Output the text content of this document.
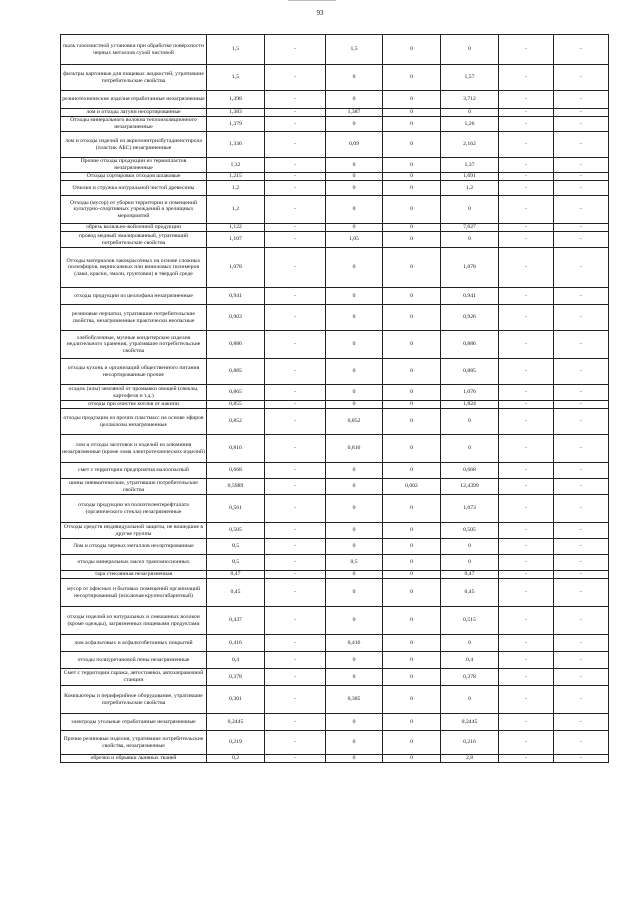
93
пыль газоочистной установки при обработке поверхности черных металлов сухой чистовой	1,5	-	1,5	0	0	-	-
фильтры картонные для пищевых жидкостей, утратившие потребительские свойства	1,5	-	0	0	1,57	-	-
резинотехнические изделия отработанные незагрязненные	1,398	-	0	0	3,712	-	-
лом и отходы латуни несортированные	1,383	-	1,387	0	0	-	-
Отходы минерального волокна теплоизоляционного незагрязненные	1,379	-	0	0	1,26	-	-
лом и отходы изделий из акрилонитрилбутадиенстирола (пластик АБС) незагрязненные	1,336	-	0,09	0	2,162	-	-
Прочие отходы продукции из термопластов незагрязненные	1,32	-	0	0	1,37	-	-
Отходы сортировки отходов шлаковые	1,215	-	0	0	1,691	-	-
Опилки и стружка натуральной чистой древесины	1,2	-	0	0	1,2	-	-
Отходы (мусор) от уборки территории и помещений культурно-спортивных учреждений и зрелищных мероприятий	1,2	-	0	0	0	-	-
обрезь валяльно-войлочной продукции	1,122	-	0	0	7,627	-	-
провод медный эмалированный, утративший потребительские свойства	1,107	-	1,05	0	0	-	-
Отходы материалов лакокрасочных на основе сложных полиэфиров, вернисажных или виниловых полимеров (лаки, краски, эмали, грунтовки) в твердой среде	1,078	-	0	0	1,078	-	-
отходы продукции из целлофана незагрязненные	0,941	-	0	0	0,941	-	-
резиновые перчатки, утратившие потребительские свойства, незагрязненные практически неопасные	0,903	-	0	0	0,926	-	-
хлебобулочные, мучные кондитерские изделия недлительного хранения, утратившие потребительские свойства	0,886	-	0	0	0,886	-	-
отходы кухонь и организаций общественного питания несортированные прочие	0,885	-	0	0	0,885	-	-
осадок (илы) земляной от промывки овощей (свеклы, картофеля и т.д.)	0,865	-	0	0	1,076	-	-
отходы при очистке котлов от накипи	0,855	-	0	0	1,824	-	-
отходы продукции из прочих пластмасс на основе эфиров целлюлозы незагрязненные	0,852	-	0,852	0	0	-	-
лом и отходы заготовок и изделий из алюминия незагрязненные (кроме лома электротехнических изделий)	0,816	-	0,816	0	0	-	-
смет с территории предприятия малоопасный	0,668	-	0	0	0,668	-	-
шины пневматические, утратившие потребительские свойства	0,5989	-	0	0,002	12,4399	-	-
отходы продукции из полиэтилентерефталата (органического стекла) незагрязненные	0,561	-	0	0	1,073	-	-
Отходы средств индивидуальной защиты, не вошедшие в другие группы	0,505	-	0	0	0,505	-	-
Лом и отходы черных металлов несортированные	0,5	-	0	0	0	-	-
отходы минеральных масел трансмиссионных	0,5	-	0,5	0	0	-	-
тара стеклянная незагрязненная	0,47	-	0	0	0,47	-	-
мусор от офисных и бытовых помещений организаций несортированный (исключая крупногабаритный)	0,45	-	0	0	0,45	-	-
отходы изделий из натуральных и смешанных волокон (кроме одежды), загрязненных пищевыми продуктами	0,437	-	0	0	0,515	-	-
лом асфальтовых и асфальтобетонных покрытий	0,416	-	0,416	0	0	-	-
отходы полиуретановой пены незагрязненные	0,4	-	0	0	0,4	-	-
Смет с территории гаража, автостоянки, автозаправочной станции	0,378	-	0	0	0,378	-	-
Компьютеры и периферийное оборудование, утратившие потребительские свойства	0,301	-	0,385	0	0	-	-
электроды угольные отработанные незагрязненные	0,2445	-	0	0	0,2445	-	-
Прочие резиновые изделия, утратившие потребительские свойства, незагрязненные	0,219	-	0	0	0,216	-	-
обрезки и обрывки льняных тканей	0,2	-	0	0	2,8	-	-
